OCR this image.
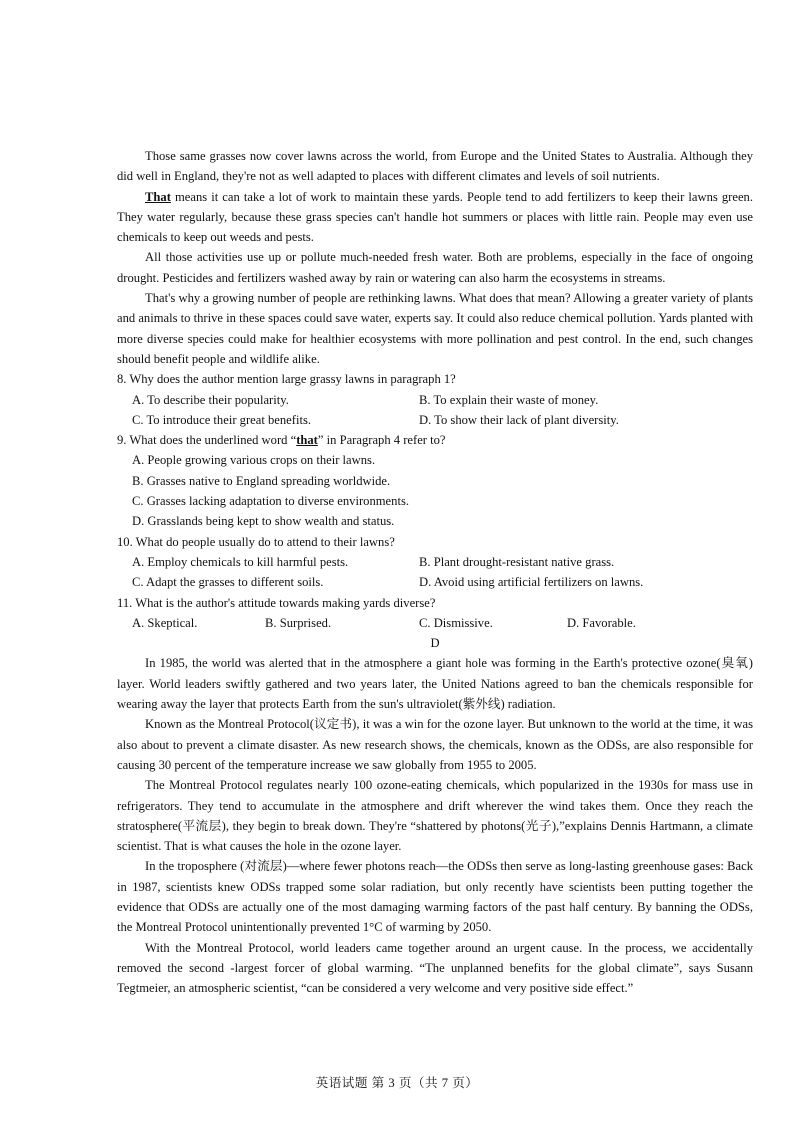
Those same grasses now cover lawns across the world, from Europe and the United States to Australia. Although they did well in England, they're not as well adapted to places with different climates and levels of soil nutrients.

That means it can take a lot of work to maintain these yards. People tend to add fertilizers to keep their lawns green. They water regularly, because these grass species can't handle hot summers or places with little rain. People may even use chemicals to keep out weeds and pests.

All those activities use up or pollute much-needed fresh water. Both are problems, especially in the face of ongoing drought. Pesticides and fertilizers washed away by rain or watering can also harm the ecosystems in streams.

That's why a growing number of people are rethinking lawns. What does that mean? Allowing a greater variety of plants and animals to thrive in these spaces could save water, experts say. It could also reduce chemical pollution. Yards planted with more diverse species could make for healthier ecosystems with more pollination and pest control. In the end, such changes should benefit people and wildlife alike.

8. Why does the author mention large grassy lawns in paragraph 1?

A. To describe their popularity.	B. To explain their waste of money.
C. To introduce their great benefits.	D. To show their lack of plant diversity.

9. What does the underlined word “that” in Paragraph 4 refer to?

A. People growing various crops on their lawns.
B. Grasses native to England spreading worldwide.
C. Grasses lacking adaptation to diverse environments.
D. Grasslands being kept to show wealth and status.

10. What do people usually do to attend to their lawns?

A. Employ chemicals to kill harmful pests.	B. Plant drought-resistant native grass.
C. Adapt the grasses to different soils.	D. Avoid using artificial fertilizers on lawns.

11. What is the author's attitude towards making yards diverse?

A. Skeptical.	B. Surprised.	C. Dismissive.	D. Favorable.

D

In 1985, the world was alerted that in the atmosphere a giant hole was forming in the Earth's protective ozone(臭氧) layer. World leaders swiftly gathered and two years later, the United Nations agreed to ban the chemicals responsible for wearing away the layer that protects Earth from the sun's ultraviolet(紫外线) radiation.

Known as the Montreal Protocol(议定书), it was a win for the ozone layer. But unknown to the world at the time, it was also about to prevent a climate disaster. As new research shows, the chemicals, known as the ODSs, are also responsible for causing 30 percent of the temperature increase we saw globally from 1955 to 2005.

The Montreal Protocol regulates nearly 100 ozone-eating chemicals, which popularized in the 1930s for mass use in refrigerators. They tend to accumulate in the atmosphere and drift wherever the wind takes them. Once they reach the stratosphere(平流层), they begin to break down. They're “shattered by photons(光子),”explains Dennis Hartmann, a climate scientist. That is what causes the hole in the ozone layer.

In the troposphere (对流层)—where fewer photons reach—the ODSs then serve as long-lasting greenhouse gases: Back in 1987, scientists knew ODSs trapped some solar radiation, but only recently have scientists been putting together the evidence that ODSs are actually one of the most damaging warming factors of the past half century. By banning the ODSs, the Montreal Protocol unintentionally prevented 1°C of warming by 2050.

With the Montreal Protocol, world leaders came together around an urgent cause. In the process, we accidentally removed the second -largest forcer of global warming. “The unplanned benefits for the global climate”, says Susann Tegtmeier, an atmospheric scientist, “can be considered a very welcome and very positive side effect.”

英语试题 第 3 页（共 7 页）
